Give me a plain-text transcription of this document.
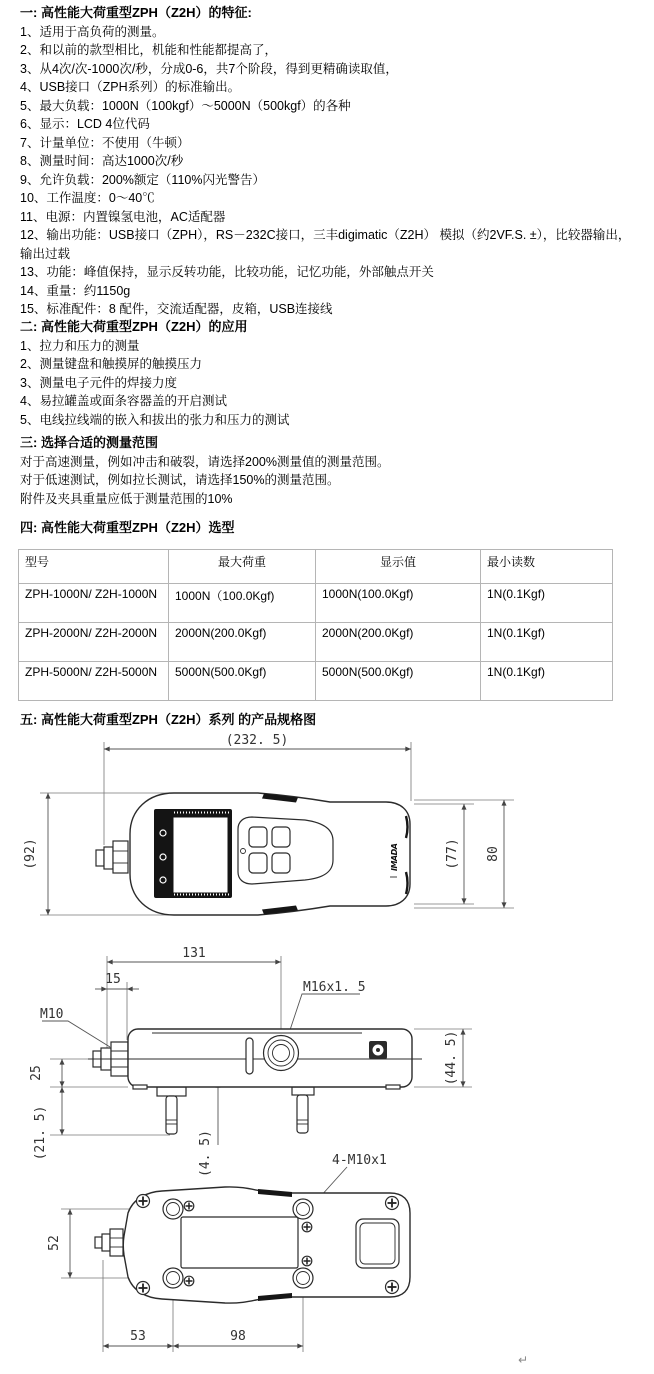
一: 高性能大荷重型ZPH（Z2H）的特征:
1、适用于高负荷的测量。
2、和以前的款型相比，机能和性能都提高了，
3、从4次/次-1000次/秒，分成0-6，共7个阶段，得到更精确读取值，
4、USB接口（ZPH系列）的标准输出。
5、最大负载：1000N（100kgf）〜5000N（500kgf）的各种
6、显示：LCD 4位代码
7、计量单位：不使用（牛顿）
8、测量时间：高达1000次/秒
9、允许负载：200%额定（110%闪光警告）
10、工作温度：0〜40℃
11、电源：内置镍氢电池，AC适配器
12、输出功能：USB接口（ZPH），RS－232C接口，三丰digimatic（Z2H） 模拟（约2VF.S. ±），比较器输出，输出过载
13、功能：峰值保持，显示反转功能，比较功能，记忆功能，外部触点开关
14、重量：约1150g
15、标准配件：8 配件，交流适配器，皮箱，USB连接线
二: 高性能大荷重型ZPH（Z2H）的应用
1、拉力和压力的测量
2、测量键盘和触摸屏的触摸压力
3、测量电子元件的焊接力度
4、易拉罐盖或面条容器盖的开启测试
5、电线拉线端的嵌入和拔出的张力和压力的测试
三: 选择合适的测量范围
对于高速测量，例如冲击和破裂，请选择200%测量值的测量范围。
对于低速测试，例如拉长测试，请选择150%的测量范围。
附件及夹具重量应低于测量范围的10%
四: 高性能大荷重型ZPH（Z2H）选型
型号	最大荷重	显示值	最小读数
ZPH-1000N/ Z2H-1000N	1000N（100.0Kgf)	1000N(100.0Kgf)	1N(0.1Kgf)
ZPH-2000N/ Z2H-2000N	2000N(200.0Kgf)	2000N(200.0Kgf)	1N(0.1Kgf)
ZPH-5000N/ Z2H-5000N	5000N(500.0Kgf)	5000N(500.0Kgf)	1N(0.1Kgf)
五: 高性能大荷重型ZPH（Z2H）系列 的产品规格图
(232. 5)
(92)	(77) 80
IMADA
131
15
M10
M16x1. 5
25
(21. 5)	(4. 5)
(44. 5)
4-M10x1
52
53	98
↵
